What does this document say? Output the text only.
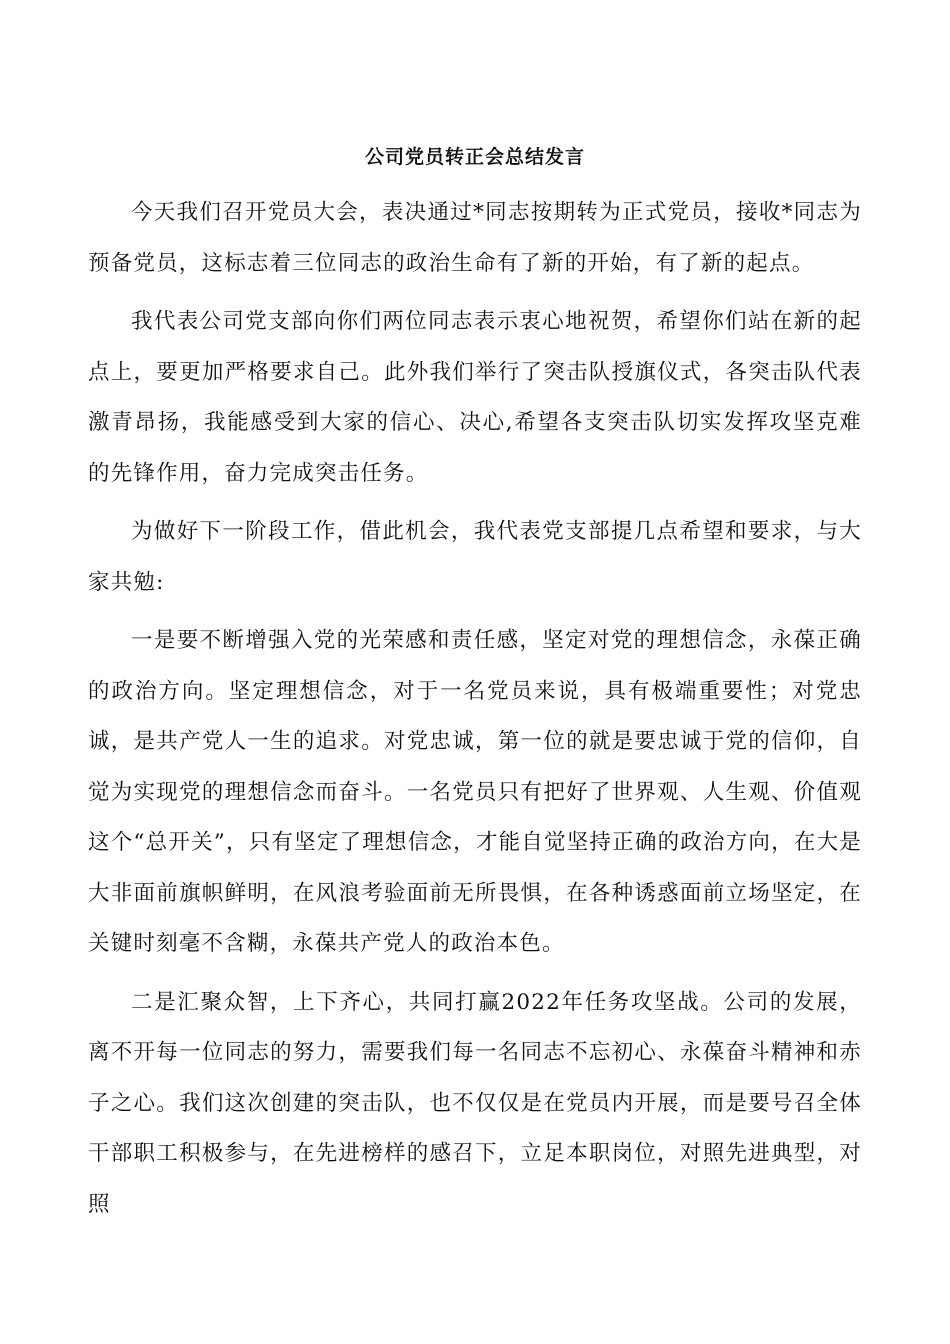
公司党员转正会总结发言

今天我们召开党员大会，表决通过*同志按期转为正式党员，接收*同志为预备党员，这标志着三位同志的政治生命有了新的开始，有了新的起点。

我代表公司党支部向你们两位同志表示衷心地祝贺，希望你们站在新的起点上，要更加严格要求自己。此外我们举行了突击队授旗仪式，各突击队代表激青昂扬，我能感受到大家的信心、决心,希望各支突击队切实发挥攻坚克难的先锋作用，奋力完成突击任务。

为做好下一阶段工作，借此机会，我代表党支部提几点希望和要求，与大家共勉:

一是要不断增强入党的光荣感和责任感，坚定对党的理想信念，永葆正确的政治方向。坚定理想信念，对于一名党员来说，具有极端重要性；对党忠诚，是共产党人一生的追求。对党忠诚，第一位的就是要忠诚于党的信仰，自觉为实现党的理想信念而奋斗。一名党员只有把好了世界观、人生观、价值观这个“总开关”，只有坚定了理想信念，才能自觉坚持正确的政治方向，在大是大非面前旗帜鲜明，在风浪考验面前无所畏惧，在各种诱惑面前立场坚定，在关键时刻毫不含糊，永葆共产党人的政治本色。

二是汇聚众智，上下齐心，共同打赢2022年任务攻坚战。公司的发展，离不开每一位同志的努力，需要我们每一名同志不忘初心、永葆奋斗精神和赤子之心。我们这次创建的突击队，也不仅仅是在党员内开展，而是要号召全体干部职工积极参与，在先进榜样的感召下，立足本职岗位，对照先进典型，对照
